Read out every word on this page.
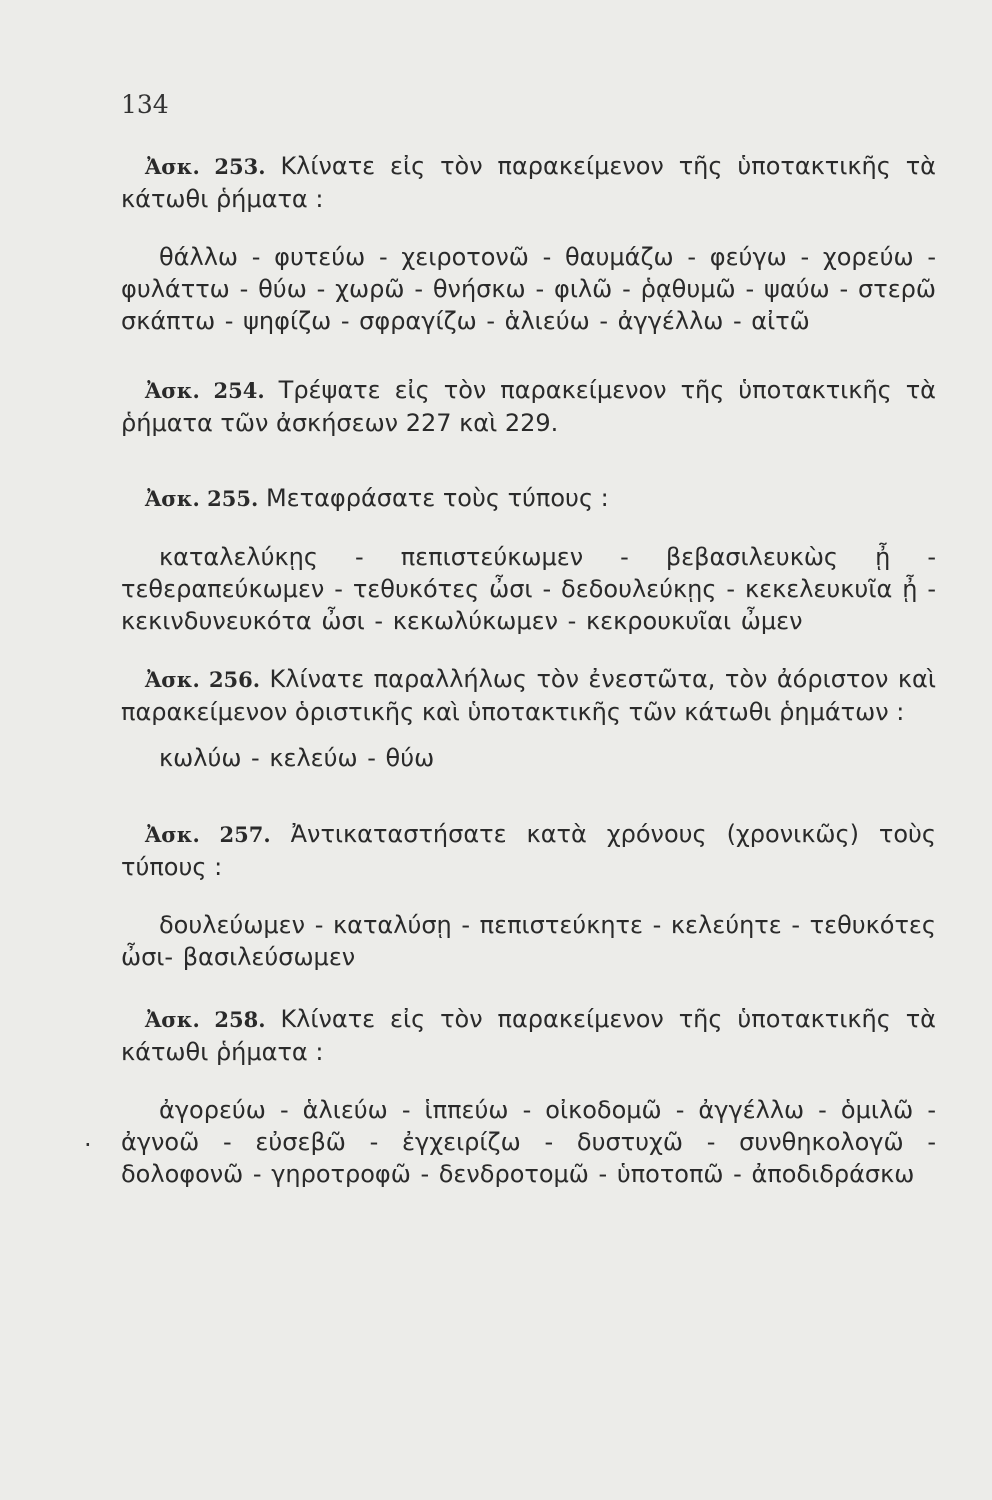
134

Ἀσκ. 253. Κλίνατε εἰς τὸν παρακείμενον τῆς ὑποτακτικῆς τὰ κάτωθι ῥήματα :

θάλλω - φυτεύω - χειροτονῶ - θαυμάζω - φεύγω - χορεύω - φυλάττω - θύω - χωρῶ - θνήσκω - φιλῶ - ῥᾳθυμῶ - ψαύω - στερῶ σκάπτω - ψηφίζω - σφραγίζω - ἁλιεύω - ἀγγέλλω - αἰτῶ

Ἀσκ. 254. Τρέψατε εἰς τὸν παρακείμενον τῆς ὑποτακτικῆς τὰ ῥήματα τῶν ἀσκήσεων 227 καὶ 229.

Ἀσκ. 255. Μεταφράσατε τοὺς τύπους :

καταλελύκῃς - πεπιστεύκωμεν - βεβασιλευκὼς ᾖ - τεθεραπεύκωμεν - τεθυκότες ὦσι - δεδουλεύκῃς - κεκελευκυῖα ᾖ - κεκινδυνευκότα ὦσι - κεκωλύκωμεν - κεκρουκυῖαι ὦμεν

Ἀσκ. 256. Κλίνατε παραλλήλως τὸν ἐνεστῶτα, τὸν ἀόριστον καὶ παρακείμενον ὁριστικῆς καὶ ὑποτακτικῆς τῶν κάτωθι ῥημάτων :

κωλύω - κελεύω - θύω

Ἀσκ. 257. Ἀντικαταστήσατε κατὰ χρόνους (χρονικῶς) τοὺς τύπους :

δουλεύωμεν - καταλύσῃ - πεπιστεύκητε - κελεύητε - τεθυκότες ὦσι- βασιλεύσωμεν

Ἀσκ. 258. Κλίνατε εἰς τὸν παρακείμενον τῆς ὑποτακτικῆς τὰ κάτωθι ῥήματα :

ἀγορεύω - ἁλιεύω - ἱππεύω - οἰκοδομῶ - ἀγγέλλω - ὁμιλῶ - ἀγνοῶ - εὐσεβῶ - ἐγχειρίζω - δυστυχῶ - συνθηκολογῶ - δολοφονῶ - γηροτροφῶ - δενδροτομῶ - ὑποτοπῶ - ἀποδιδράσκω

.
